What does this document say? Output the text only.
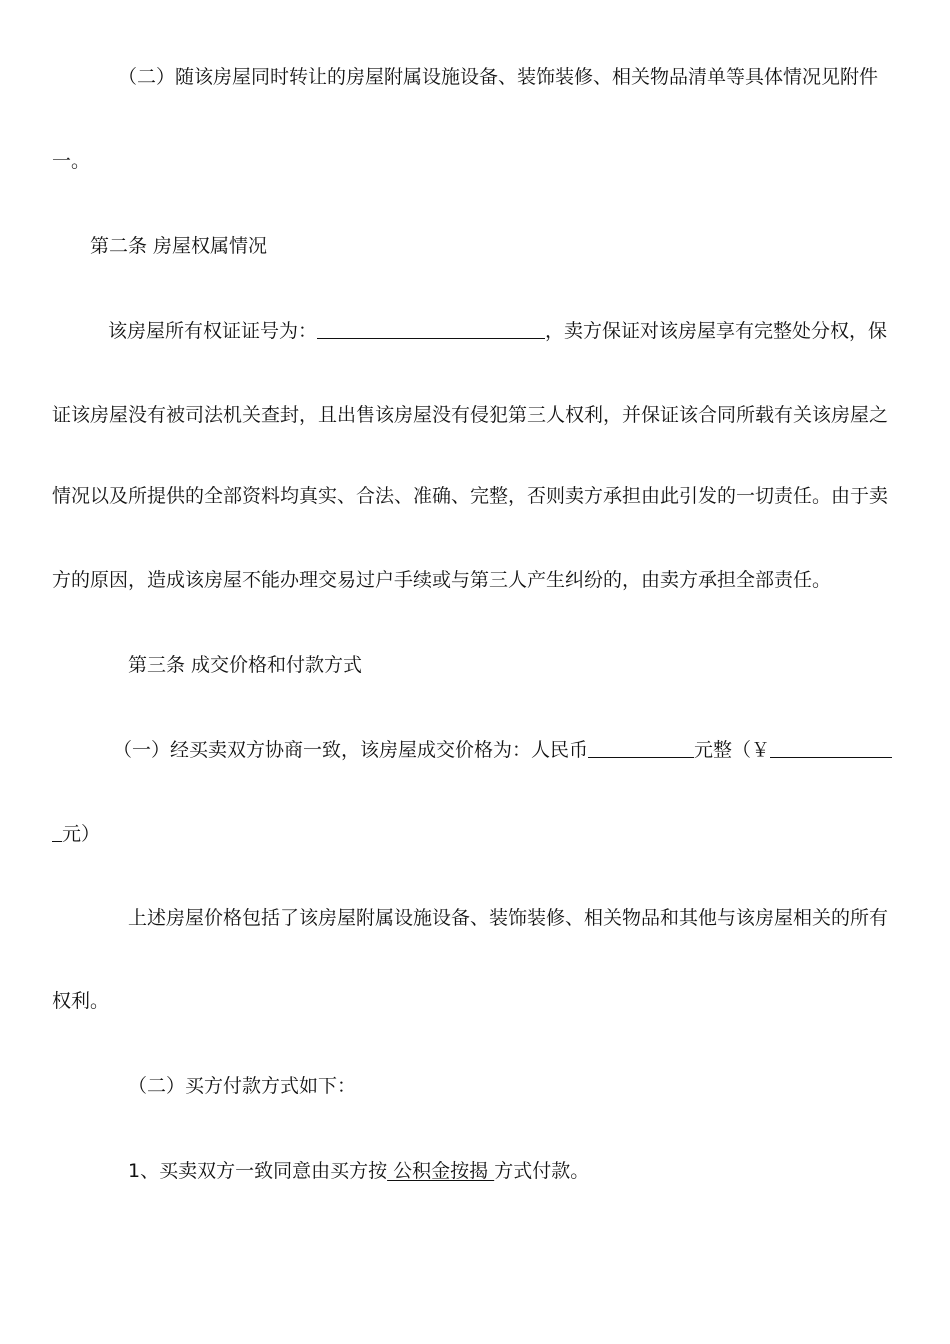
（二）随该房屋同时转让的房屋附属设施设备、装饰装修、相关物品清单等具体情况见附件
一。
第二条 房屋权属情况
该房屋所有权证证号为：	，卖方保证对该房屋享有完整处分权，保
证该房屋没有被司法机关查封，且出售该房屋没有侵犯第三人权利，并保证该合同所载有关该房屋之
情况以及所提供的全部资料均真实、合法、准确、完整，否则卖方承担由此引发的一切责任。由于卖
方的原因，造成该房屋不能办理交易过户手续或与第三人产生纠纷的，由卖方承担全部责任。
第三条 成交价格和付款方式
（一）经买卖双方协商一致，该房屋成交价格为：人民币	元整（￥
元）
上述房屋价格包括了该房屋附属设施设备、装饰装修、相关物品和其他与该房屋相关的所有
权利。
（二）买方付款方式如下：
1、买卖双方一致同意由买方按 公积金按揭 方式付款。
